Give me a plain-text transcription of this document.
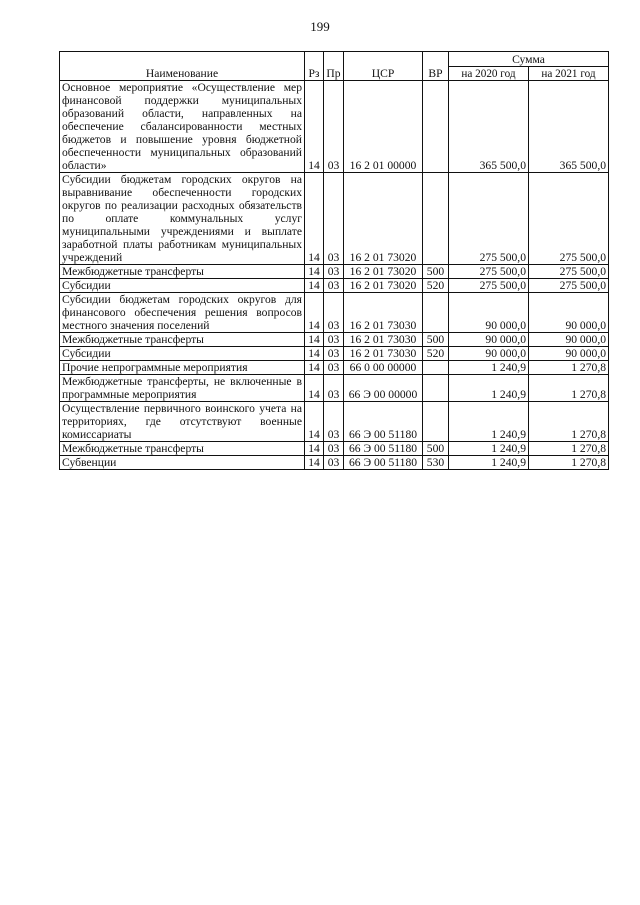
199
Наименование	Рз	Пр	ЦСР	ВР	Сумма	
					на 2020 год	на 2021 год
Основное мероприятие «Осуществление мер финансовой поддержки муниципальных образований области, направленных на обеспечение сбалансированности местных бюджетов и повышение уровня бюджетной обеспеченности муниципальных образований области»	14	03	16 2 01 00000		365 500,0	365 500,0
Субсидии бюджетам городских округов на выравнивание обеспеченности городских округов по реализации расходных обязательств по оплате коммунальных услуг муниципальными учреждениями и выплате заработной платы работникам муниципальных учреждений	14	03	16 2 01 73020		275 500,0	275 500,0
Межбюджетные трансферты	14	03	16 2 01 73020	500	275 500,0	275 500,0
Субсидии	14	03	16 2 01 73020	520	275 500,0	275 500,0
Субсидии бюджетам городских округов для финансового обеспечения решения вопросов местного значения поселений	14	03	16 2 01 73030		90 000,0	90 000,0
Межбюджетные трансферты	14	03	16 2 01 73030	500	90 000,0	90 000,0
Субсидии	14	03	16 2 01 73030	520	90 000,0	90 000,0
Прочие непрограммные мероприятия	14	03	66 0 00 00000		1 240,9	1 270,8
Межбюджетные трансферты, не включенные в программные мероприятия	14	03	66 Э 00 00000		1 240,9	1 270,8
Осуществление первичного воинского учета на территориях, где отсутствуют военные комиссариаты	14	03	66 Э 00 51180		1 240,9	1 270,8
Межбюджетные трансферты	14	03	66 Э 00 51180	500	1 240,9	1 270,8
Субвенции	14	03	66 Э 00 51180	530	1 240,9	1 270,8
